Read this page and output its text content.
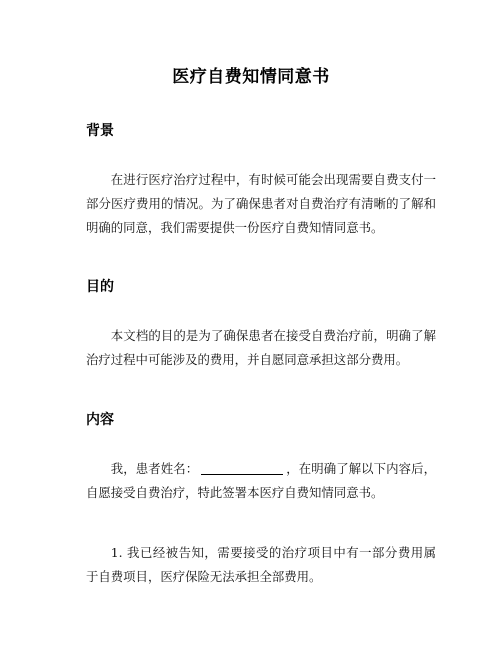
医疗自费知情同意书
背景
在进行医疗治疗过程中，有时候可能会出现需要自费支付一部分医疗费用的情况。为了确保患者对自费治疗有清晰的了解和明确的同意，我们需要提供一份医疗自费知情同意书。
目的
本文档的目的是为了确保患者在接受自费治疗前，明确了解治疗过程中可能涉及的费用，并自愿同意承担这部分费用。
内容
我，患者姓名：	，在明确了解以下内容后，自愿接受自费治疗，特此签署本医疗自费知情同意书。
1. 我已经被告知，需要接受的治疗项目中有一部分费用属于自费项目，医疗保险无法承担全部费用。
